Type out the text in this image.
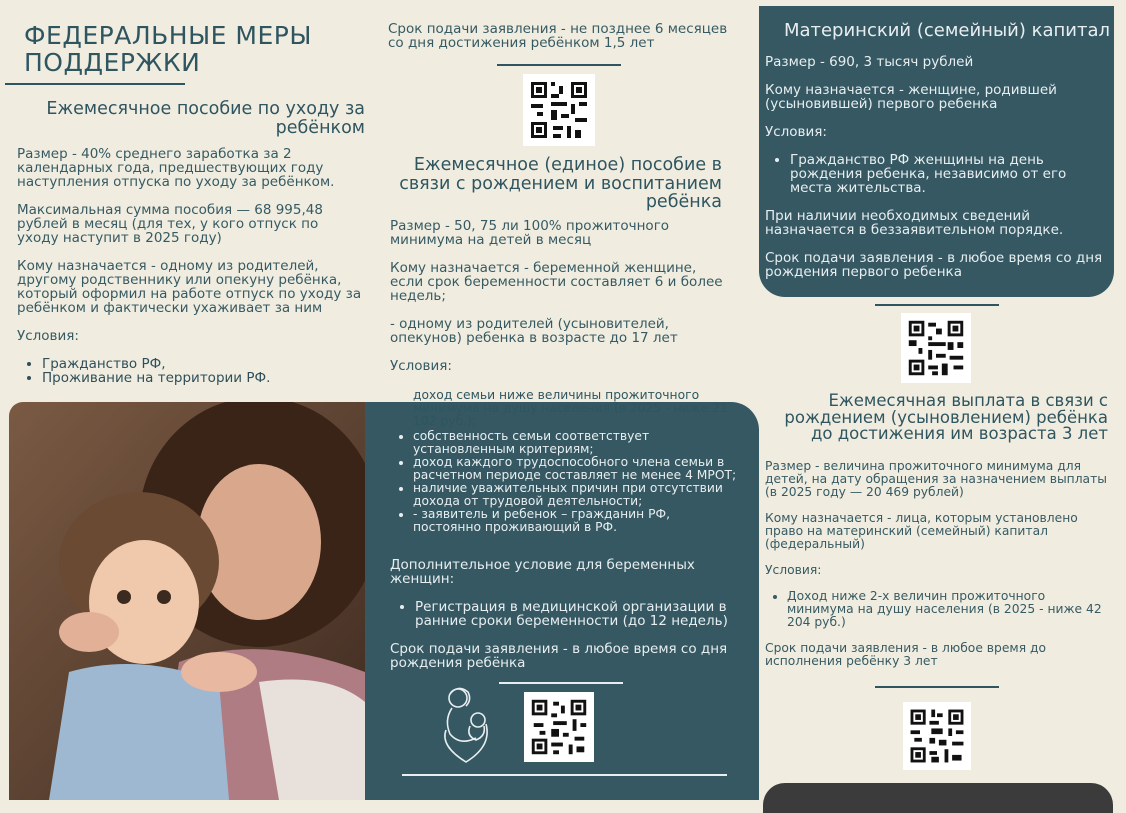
ФЕДЕРАЛЬНЫЕ МЕРЫ ПОДДЕРЖКИ
Ежемесячное пособие по уходу за ребёнком

Размер - 40% среднего заработка за 2 календарных года, предшествующих году наступления отпуска по уходу за ребёнком.

Максимальная сумма пособия — 68 995,48 рублей в месяц (для тех, у кого отпуск по уходу наступит в 2025 году)

Кому назначается - одному из родителей, другому родственнику или опекуну ребёнка, который оформил на работе отпуск по уходу за ребёнком и фактически ухаживает за ним

Условия:

• Гражданство РФ,
• Проживание на территории РФ.

Срок подачи заявления - не позднее 6 месяцев со дня достижения ребёнком 1,5 лет

Ежемесячное (единое) пособие в связи с рождением и воспитанием ребёнка

Размер - 50, 75 ли 100% прожиточного минимума на детей в месяц

Кому назначается - беременной женщине, если срок беременности составляет 6 и более недель;

- одному из родителей (усыновителей, опекунов) ребенка в возрасте до 17 лет

Условия:

доход семьи ниже величины прожиточного минимума на душу населения (в 2025 - ниже 21 102 руб.);
• собственность семьи соответствует установленным критериям;
• доход каждого трудоспособного члена семьи в расчетном периоде составляет не менее 4 МРОТ;
• наличие уважительных причин при отсутствии дохода от трудовой деятельности;
• - заявитель и ребенок – гражданин РФ, постоянно проживающий в РФ.

Дополнительное условие для беременных женщин:

• Регистрация в медицинской организации в ранние сроки беременности (до 12 недель)

Срок подачи заявления - в любое время со дня рождения ребёнка

Материнский (семейный) капитал

Размер - 690, 3 тысяч рублей

Кому назначается - женщине, родившей (усыновившей) первого ребенка

Условия:

• Гражданство РФ женщины на день рождения ребенка, независимо от его места жительства.

При наличии необходимых сведений назначается в беззаявительном порядке.

Срок подачи заявления - в любое время со дня рождения первого ребенка

Ежемесячная выплата в связи с рождением (усыновлением) ребёнка до достижения им возраста 3 лет

Размер - величина прожиточного минимума для детей, на дату обращения за назначением выплаты (в 2025 году — 20 469 рублей)

Кому назначается - лица, которым установлено право на материнский (семейный) капитал (федеральный)

Условия:

• Доход ниже 2-х величин прожиточного минимума на душу населения (в 2025 - ниже 42 204 руб.)

Срок подачи заявления - в любое время до исполнения ребёнку 3 лет
